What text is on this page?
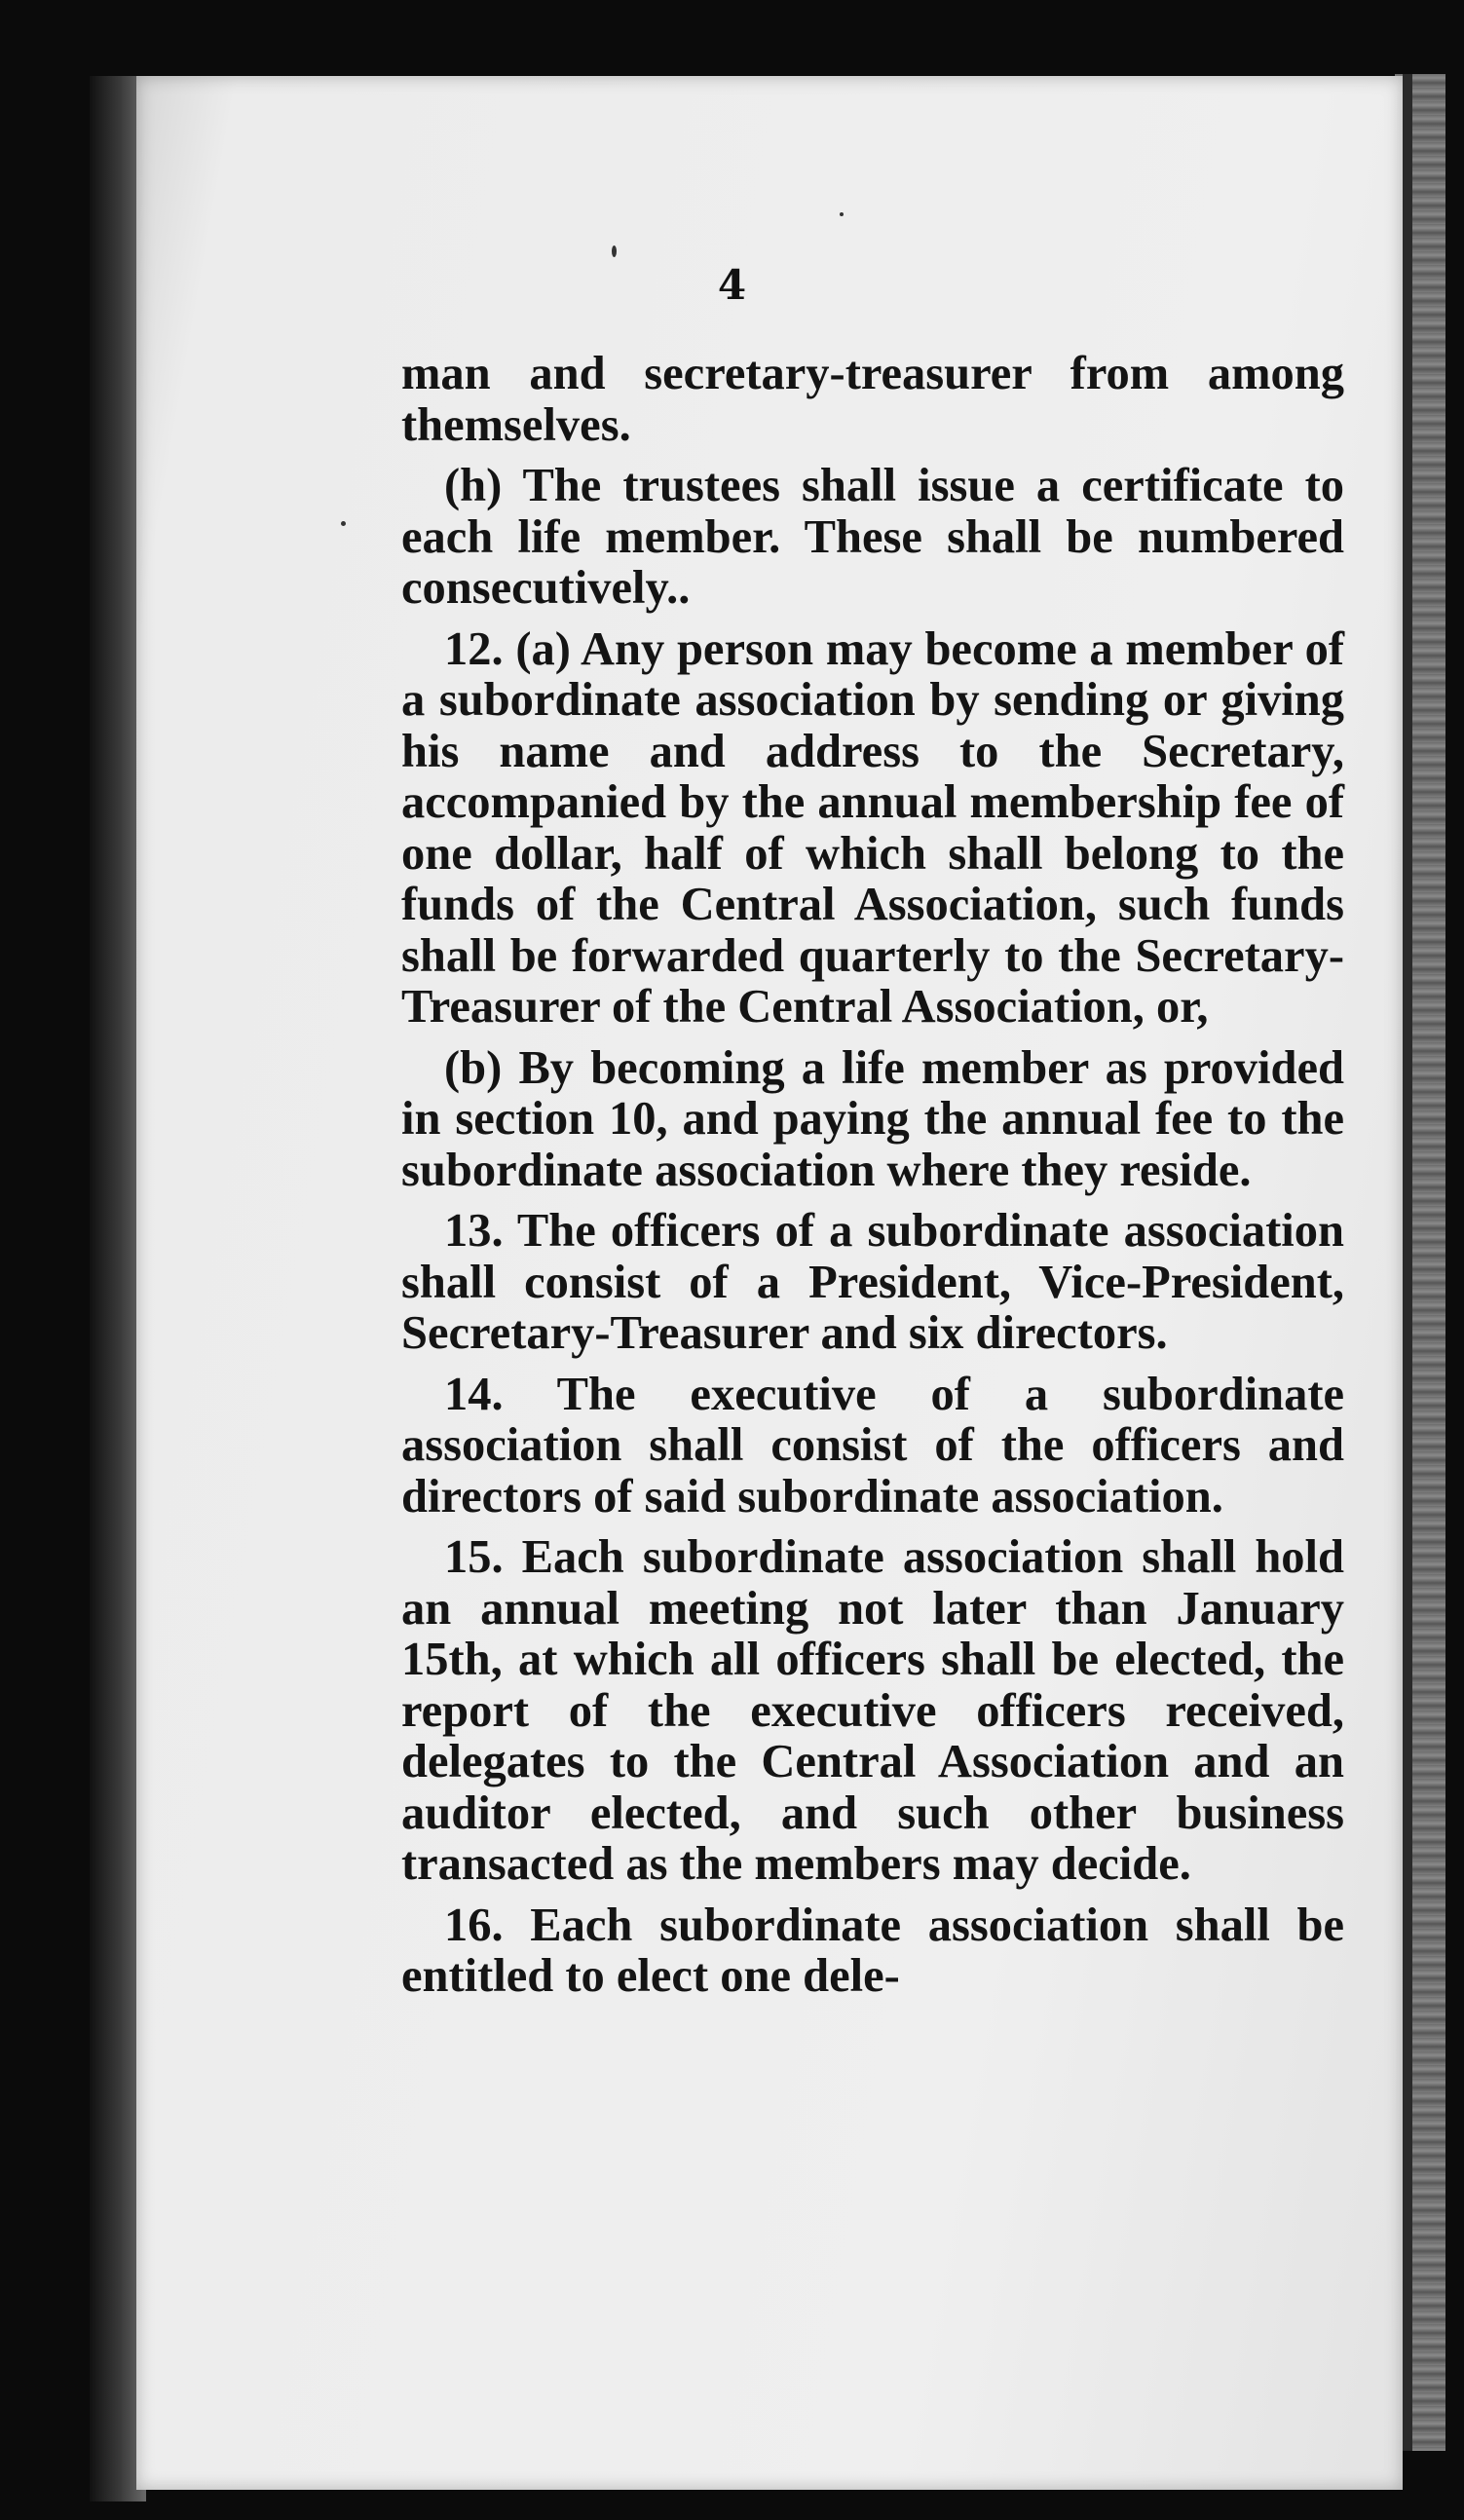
4

man and secretary-treasurer from among themselves.

(h) The trustees shall issue a certificate to each life member. These shall be numbered consecutively..

12. (a) Any person may become a member of a subordinate association by sending or giving his name and address to the Secretary, accompanied by the annual membership fee of one dollar, half of which shall belong to the funds of the Central Association, such funds shall be forwarded quarterly to the Secretary-Treasurer of the Central Association, or,

(b) By becoming a life member as provided in section 10, and paying the annual fee to the subordinate association where they reside.

13. The officers of a subordinate association shall consist of a President, Vice-President, Secretary-Treasurer and six directors.

14. The executive of a subordinate association shall consist of the officers and directors of said subordinate association.

15. Each subordinate association shall hold an annual meeting not later than January 15th, at which all officers shall be elected, the report of the executive officers received, delegates to the Central Association and an auditor elected, and such other business transacted as the members may decide.

16. Each subordinate association shall be entitled to elect one dele-
